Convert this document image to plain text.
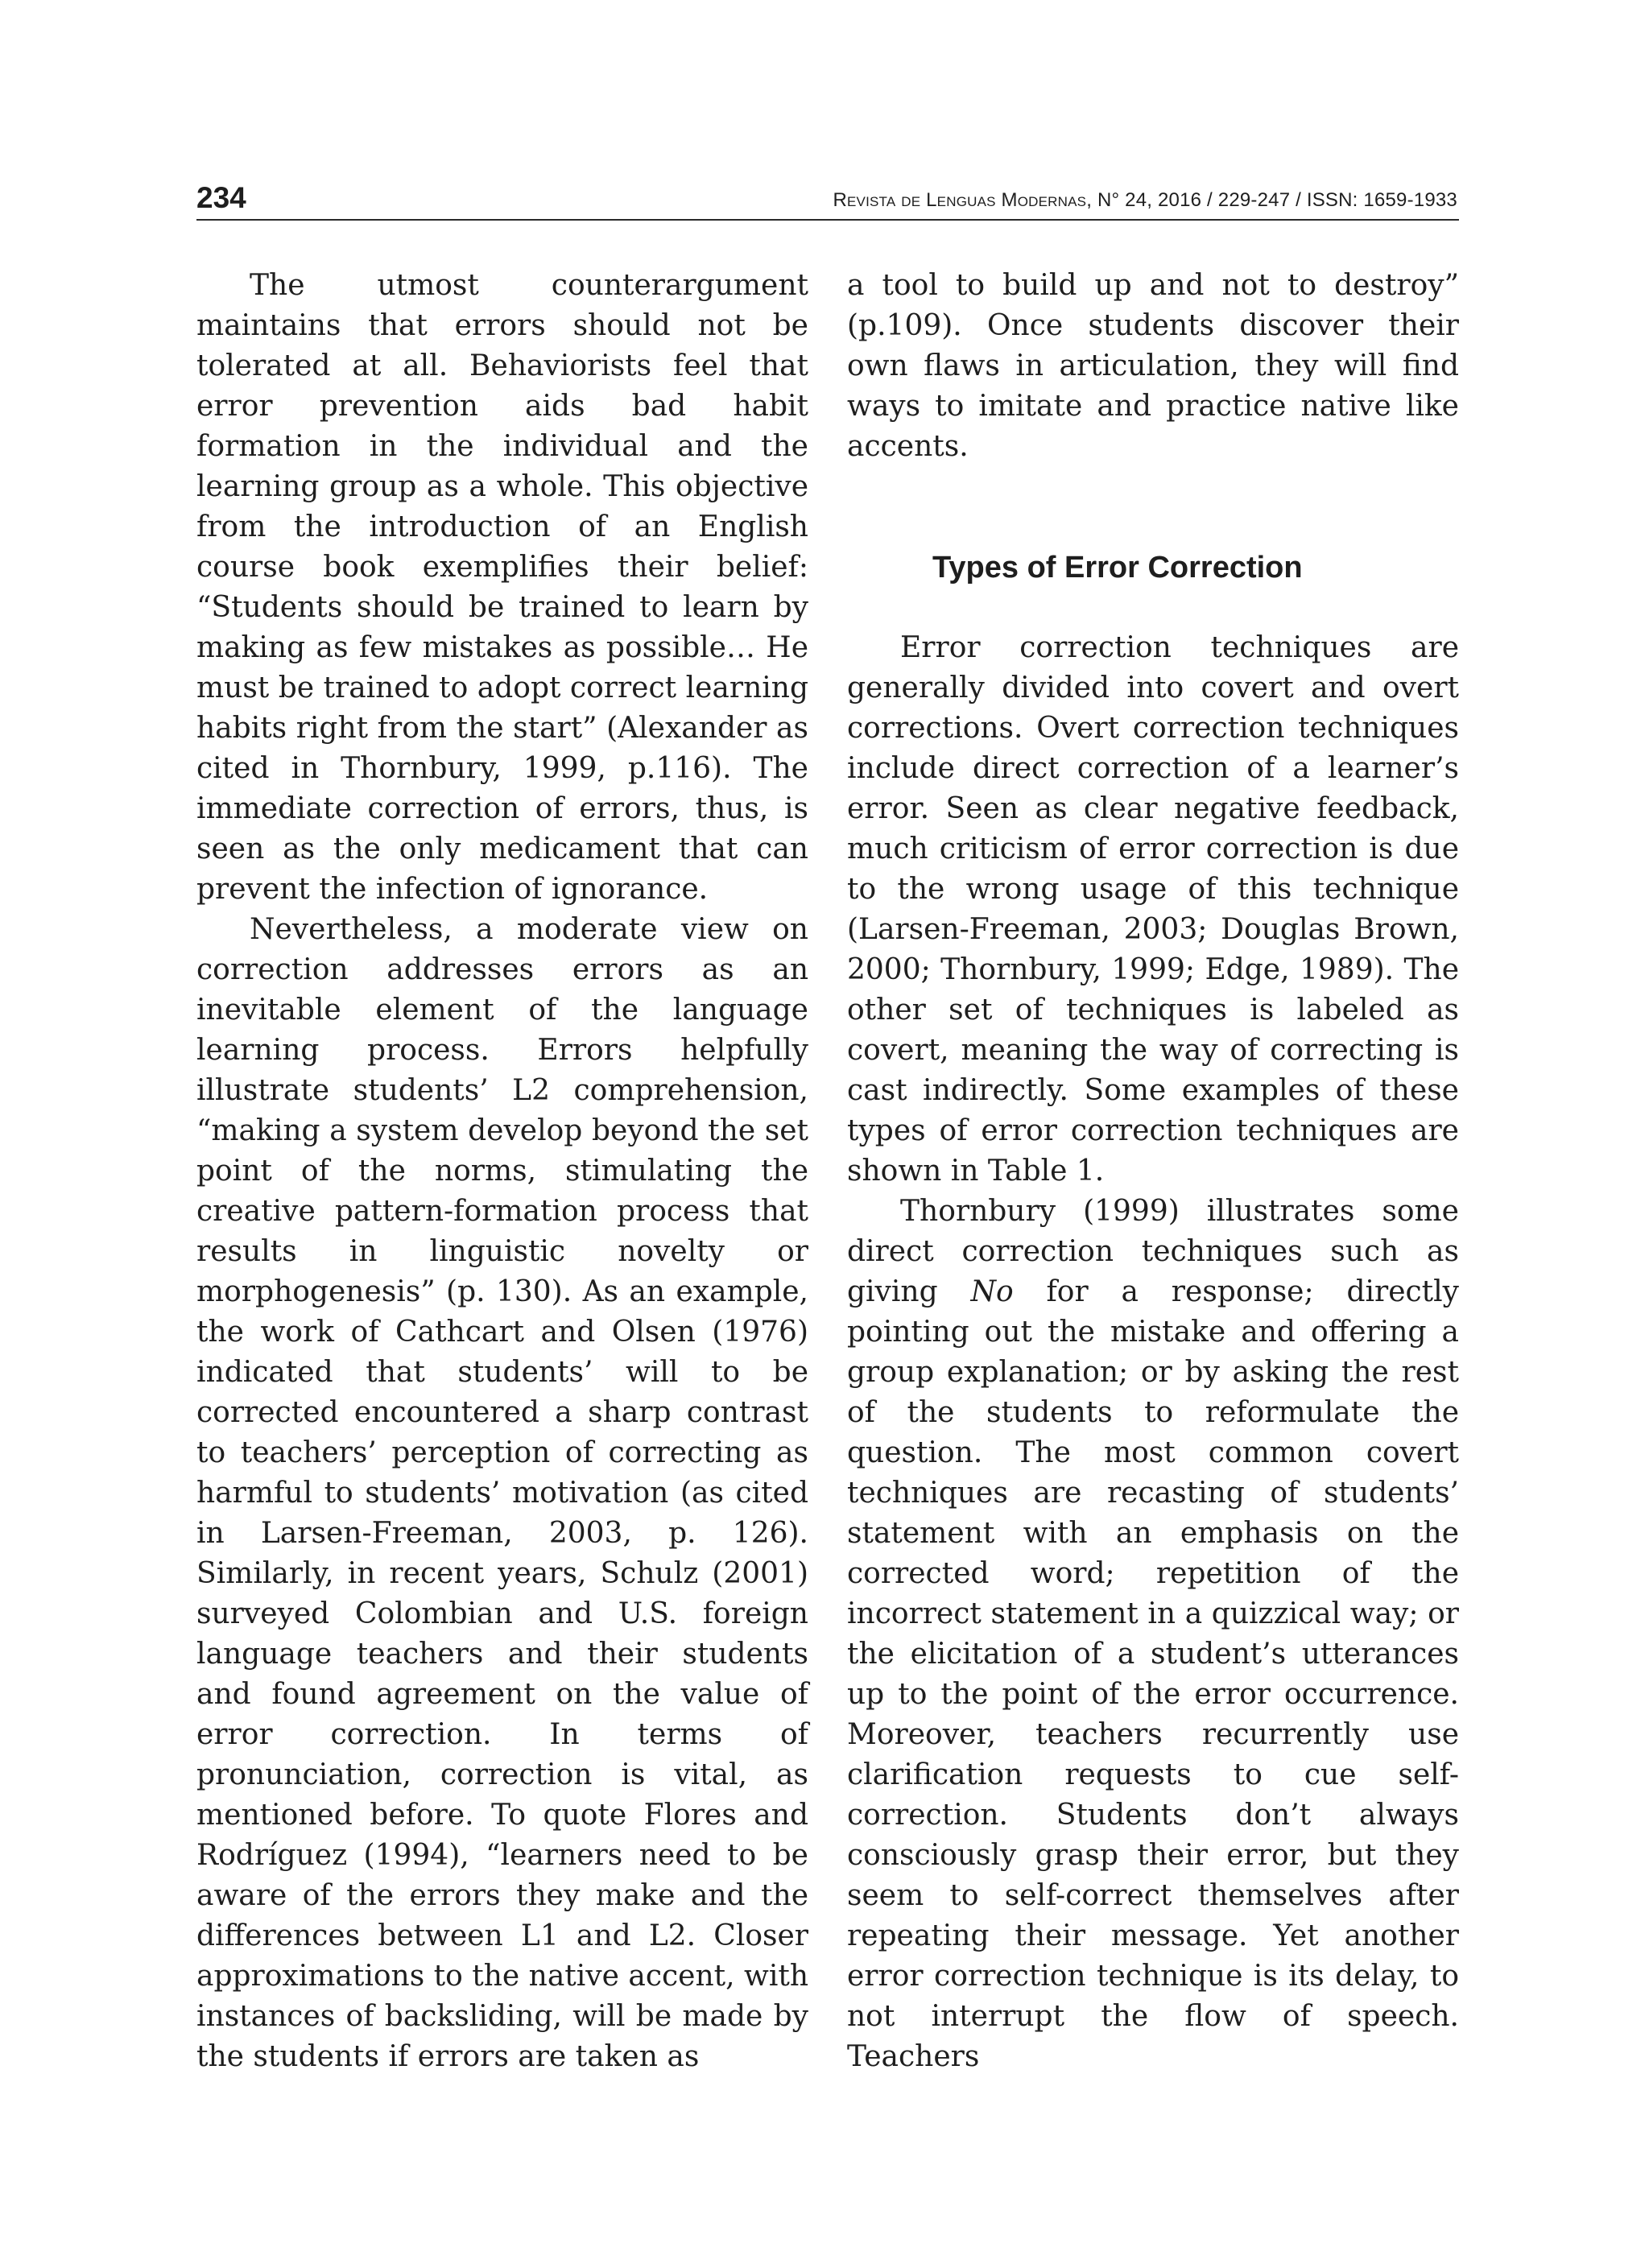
234	Revista de Lenguas Modernas, N° 24, 2016 / 229-247 / ISSN: 1659-1933

The utmost counterargument maintains that errors should not be tolerated at all. Behaviorists feel that error prevention aids bad habit formation in the individual and the learning group as a whole. This objective from the introduction of an English course book exemplifies their belief: “Students should be trained to learn by making as few mistakes as possible… He must be trained to adopt correct learning habits right from the start” (Alexander as cited in Thornbury, 1999, p.116). The immediate correction of errors, thus, is seen as the only medicament that can prevent the infection of ignorance.

Nevertheless, a moderate view on correction addresses errors as an inevitable element of the language learning process. Errors helpfully illustrate students’ L2 comprehension, “making a system develop beyond the set point of the norms, stimulating the creative pattern-formation process that results in linguistic novelty or morphogenesis” (p. 130). As an example, the work of Cathcart and Olsen (1976) indicated that students’ will to be corrected encountered a sharp contrast to teachers’ perception of correcting as harmful to students’ motivation (as cited in Larsen-Freeman, 2003, p. 126). Similarly, in recent years, Schulz (2001) surveyed Colombian and U.S. foreign language teachers and their students and found agreement on the value of error correction. In terms of pronunciation, correction is vital, as mentioned before. To quote Flores and Rodríguez (1994), “learners need to be aware of the errors they make and the differences between L1 and L2. Closer approximations to the native accent, with instances of backsliding, will be made by the students if errors are taken as

a tool to build up and not to destroy” (p.109). Once students discover their own flaws in articulation, they will find ways to imitate and practice native like accents.

Types of Error Correction

Error correction techniques are generally divided into covert and overt corrections. Overt correction techniques include direct correction of a learner’s error. Seen as clear negative feedback, much criticism of error correction is due to the wrong usage of this technique (Larsen-Freeman, 2003; Douglas Brown, 2000; Thornbury, 1999; Edge, 1989). The other set of techniques is labeled as covert, meaning the way of correcting is cast indirectly. Some examples of these types of error correction techniques are shown in Table 1.

Thornbury (1999) illustrates some direct correction techniques such as giving No for a response; directly pointing out the mistake and offering a group explanation; or by asking the rest of the students to reformulate the question. The most common covert techniques are recasting of students’ statement with an emphasis on the corrected word; repetition of the incorrect statement in a quizzical way; or the elicitation of a student’s utterances up to the point of the error occurrence. Moreover, teachers recurrently use clarification requests to cue self-correction. Students don’t always consciously grasp their error, but they seem to self-correct themselves after repeating their message. Yet another error correction technique is its delay, to not interrupt the flow of speech. Teachers
